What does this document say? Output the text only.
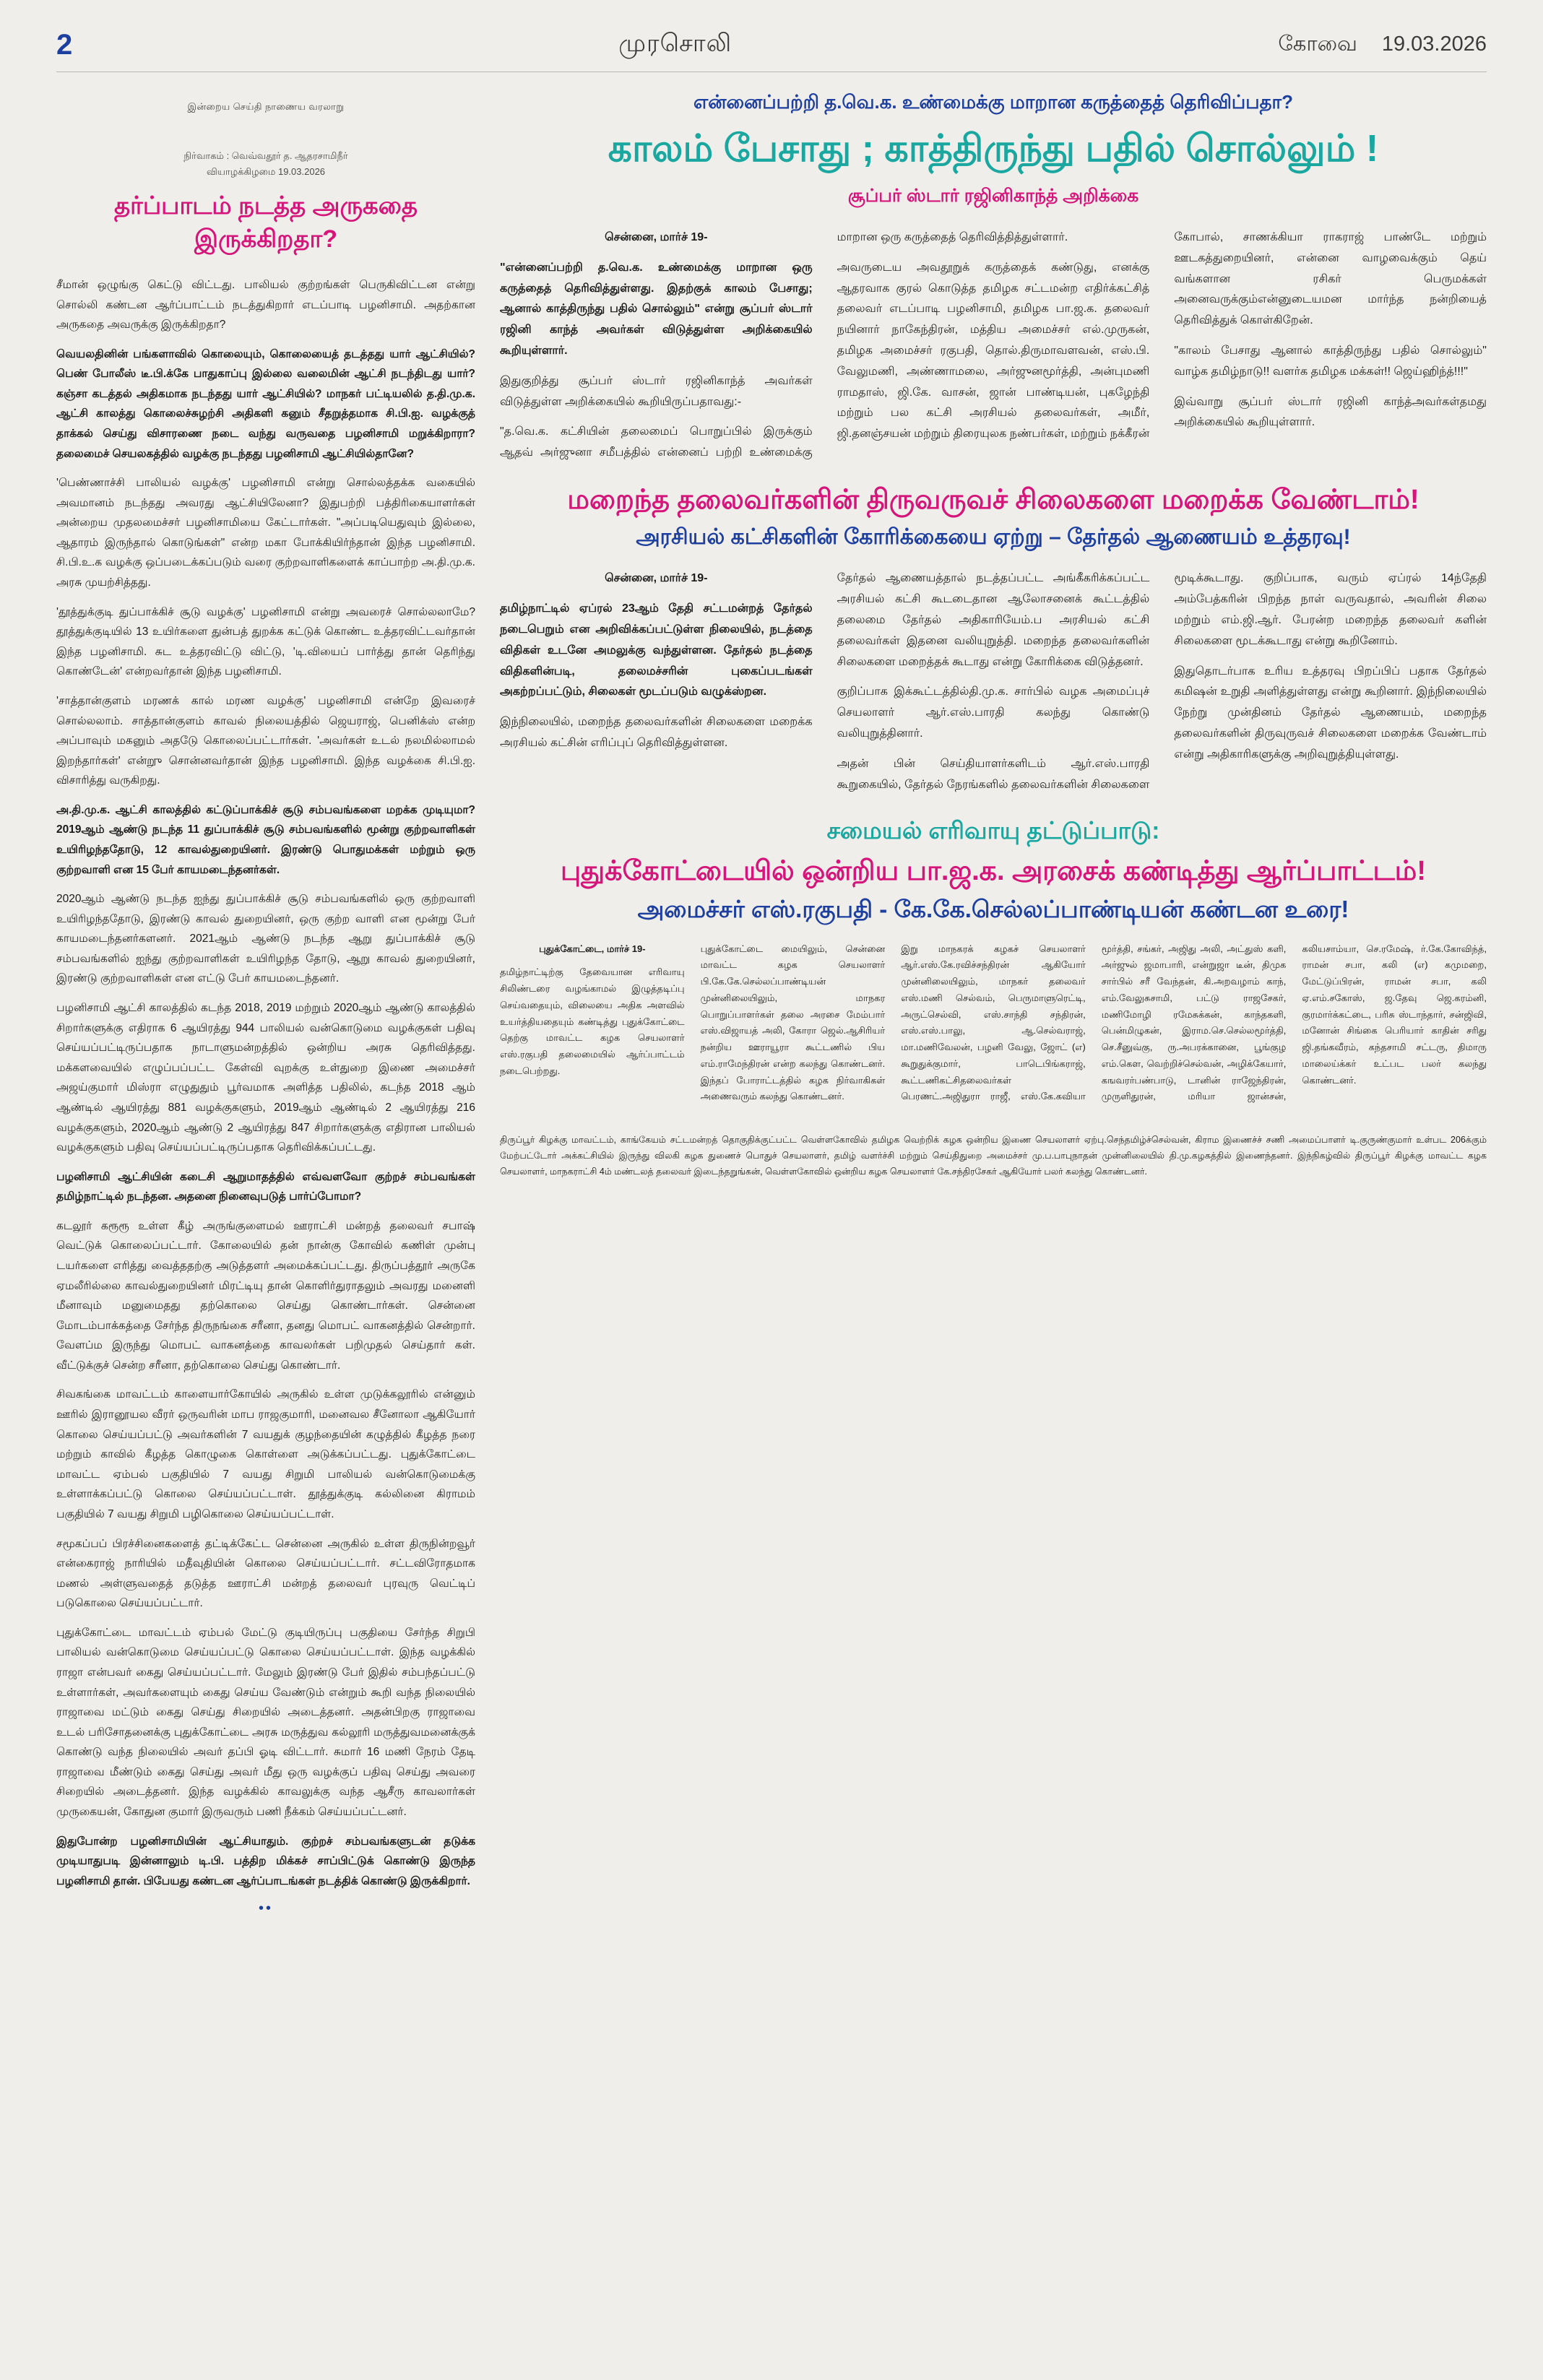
2	முரசொலி	கோவை 19.03.2026
இன்றைய செய்தி நாணைய வரலாறு
நிர்வாகம் : வெவ்வதூர் த. ஆதரசாமிநீர்
வியாழக்கிழமை 19.03.2026
தர்ப்பாடம் நடத்த அருகதை இருக்கிறதா?

சீமான் ஒழுங்கு கெட்டு விட்டது. பாலியல் குற்றங்கள் பெருகிவிட்டன என்று சொல்லி கண்டன ஆர்ப்பாட்டம் நடத்துகிறார் எடப்பாடி பழனிசாமி. அதற்கான அருகதை அவருக்கு இருக்கிறதா?

வெயலதினின் பங்களாவில் கொலையும், கொலையைத் தடத்தது யார் ஆட்சியில்? பெண் போலீஸ் டீ.பி.க்கே பாதுகாப்பு இல்லை வலைமின் ஆட்சி நடந்திடது யார்? கஞ்சா கடத்தல் அதிகமாக நடந்தது யார் ஆட்சியில்? மாநகர் பட்டியலில் த.தி.மு.க. ஆட்சி காலத்து கொலைச்சுழற்சி அதிகளி கனும் சீதறுத்தமாக சி.பி.ஐ. வழக்குத் தாக்கல் செய்து விசாரணை நடை வந்து வருவதை பழனிசாமி மறுக்கிறாரா? தலைமைச் செயலகத்தில் வழக்கு நடந்தது பழனிசாமி ஆட்சியில்தானே?

'பெண்ணாச்சி பாலியல் வழக்கு' பழனிசாமி என்று சொல்லத்தக்க வகையில் அவமானம் நடந்தது அவரது ஆட்சியிலேனா? இதுபற்றி பத்திரிகையாளர்கள் அன்றைய முதலமைச்சர் பழனிசாமியை கேட்டார்கள். "அப்படியெதுவும் இல்லை, ஆதாரம் இருந்தால் கொடுங்கள்" என்ற மகா போக்கியிர்ந்தான் இந்த பழனிசாமி. சி.பி.உ.க வழக்கு ஒப்படைக்கப்படும் வரை குற்றவாளிகளைக் காப்பாற்ற அ.தி.மு.க. அரசு முயற்சித்தது.

'தூத்துக்குடி துப்பாக்கிச் சூடு வழக்கு' பழனிசாமி என்று அவரைச் சொல்லலாமே? தூத்துக்குடியில் 13 உயிர்களை துன்பத் துறக்க கட்டுக் கொண்ட உத்தரவிட்டவர்தான் இந்த பழனிசாமி. சுட உத்தரவிட்டு விட்டு, 'டி.வியைப் பார்த்து தான் தெரிந்து கொண்டேன்' என்றவர்தான் இந்த பழனிசாமி.

'சாத்தான்குளம் மரணக் கால் மரண வழக்கு' பழனிசாமி என்றே இவரைச் சொல்லலாம். சாத்தான்குளம் காவல் நிலையத்தில் ஜெயராஜ், பெனிக்ஸ் என்ற அப்பாவும் மகனும் அதடுே கொலைப்பட்டார்கள். 'அவர்கள் உடல் நலமில்லாமல் இறந்தார்கள்' என்றுு சொன்னவர்தான் இந்த பழனிசாமி. இந்த வழக்கை சி.பி.ஐ. விசாரித்து வருகிறது.

அ.தி.மு.க. ஆட்சி காலத்தில் கட்டுப்பாக்கிச் சூடு சம்பவங்களை மறக்க முடியுமா? 2019ஆம் ஆண்டு நடந்த 11 துப்பாக்கிச் சூடு சம்பவங்களில் மூன்று குற்றவாளிகள் உயிரிழந்ததோடு, 12 காவல்துறையினர். இரண்டு பொதுமக்கள் மற்றும் ஒரு குற்றவாளி என 15 பேர் காயமடைந்தனர்கள்.

2020ஆம் ஆண்டு நடந்த ஐந்து துப்பாக்கிச் சூடு சம்பவங்களில் ஒரு குற்றவாளி உயிரிழந்ததோடு, இரண்டு காவல் துறையினர், ஒரு குற்ற வாளி என மூன்று பேர் காயமடைந்தனர்களனர். 2021ஆம் ஆண்டு நடந்த ஆறு துப்பாக்கிச் சூடு சம்பவங்களில் ஐந்து குற்றவாளிகள் உயிரிழந்த தோடு, ஆறு காவல் துறையினர், இரண்டு குற்றவாளிகள் என எட்டு பேர் காயமடைந்தனர்.

பழனிசாமி ஆட்சி காலத்தில் கடந்த 2018, 2019 மற்றும் 2020ஆம் ஆண்டு காலத்தில் சிறார்களுக்கு எதிராக 6 ஆயிரத்து 944 பாலியல் வன்கொடுமை வழக்குகள் பதிவு செய்யப்பட்டிருப்பதாக நாடாளுமன்றத்தில் ஒன்றிய அரசு தெரிவித்தது. மக்களவையில் எழுப்பப்பட்ட கேள்வி வுறக்கு உள்துறை இணை அமைச்சர் அஜய்குமார் மிஸ்ரா எழுதுதும் பூர்வமாக அளித்த பதிலில், கடந்த 2018 ஆம் ஆண்டில் ஆயிரத்து 881 வழக்குகளும், 2019ஆம் ஆண்டில் 2 ஆயிரத்து 216 வழக்குகளும், 2020ஆம் ஆண்டு 2 ஆயிரத்து 847 சிறார்களுக்கு எதிரான பாலியல் வழக்குகளும் பதிவு செய்யப்பட்டிருப்பதாக தெரிவிக்கப்பட்டது.

பழனிசாமி ஆட்சியின் கடைசி ஆறுமாதத்தில் எவ்வளவோ குற்றச் சம்பவங்கள் தமிழ்நாட்டில் நடந்தன. அதனை நினைவுபடுத் பார்ப்போமா?

கடலூர் கரூரூ உள்ள கீழ் அருங்குளைமல் ஊராட்சி மன்றத் தலைவர் சபாஷ் வெட்டுக் கொலைப்பட்டார். கோலையில் தன் நான்கு கோவில் கணிள் முன்பு டயர்களை எரித்து வைத்ததற்கு அடுத்தளர் அமைக்கப்பட்டது. திருப்பத்தூர் அருகே ஏமலீரில்லை காவல்துறையினர் மிரட்டியு தான் கொளிர்துராதலும் அவரது மனைளி மீனாவும் மனுமைதது தற்கொலை செய்து கொண்டார்கள். சென்னை மோடம்பாக்கத்தை சேர்ந்த திருநங்கை சரீனா, தனது மொபட் வாகனத்தில் சென்றார். வேளப்ம இருந்து மொபட் வாகனத்தை காவலர்கள் பறிமுதல் செய்தார் கள். வீட்டுக்குச் சென்ற சரீனா, தற்கொலை செய்து கொண்டார்.

சிவகங்கை மாவட்டம் காளையார்கோயில் அருகில் உள்ள முடுக்கலூரில் என்னும் ஊரில் இரானூயல வீரர் ஒருவரின் மாப ராஜகுமாரி, மனைவல சீனோலா ஆகியோர் கொலை செய்யப்பட்டு அவர்களின் 7 வயதுக் குழந்தையின் கழுத்தில் கீழத்த நரை மற்றும் காவில் கீழத்த கொழுகை கொள்ளை அடுக்கப்பட்டது. புதுக்கோட்டை மாவட்ட ஏம்பல் பகுதியில் 7 வயது சிறுமி பாலியல் வன்கொடுமைக்கு உள்ளாக்கப்பட்டு கொலை செய்யப்பட்டாள். தூத்துக்குடி கல்லினை கிராமம் பகுதியில் 7 வயது சிறுமி பழிகொலை செய்யப்பட்டாள்.

சமூகப்பப் பிரச்சினைகளைத் தட்டிக்கேட்ட சென்னை அருகில் உள்ள திருநின்றவூர் என்கைராஜ் நாரியில் மதீவுதியின் கொலை செய்யப்பட்டார். சட்டவிரோதமாக மணல் அள்ளுவதைத் தடுத்த ஊராட்சி மன்றத் தலைவர் புரவுரு வெட்டிப் படுகொலை செய்யப்பட்டார்.

புதுக்கோட்டை மாவட்டம் ஏம்பல் மேட்டு குடியிருப்பு பகுதியை சேர்ந்த சிறுபி பாலியல் வன்கொடுமை செய்யப்பட்டு கொலை செய்யப்பட்டாள். இந்த வழக்கில் ராஜா என்பவர் கைது செய்யப்பட்டார். மேலும் இரண்டு பேர் இதில் சம்பந்தப்பட்டு உள்ளார்கள், அவர்களையும் கைது செய்ய வேண்டும் என்றும் கூறி வந்த நிலையில் ராஜாவை மட்டும் கைது செய்து சிறையில் அடைத்தனர். அதன்பிறகு ராஜாவை உடல் பரிசோதனைக்கு புதுக்கோட்டை அரசு மருத்துவ கல்லூரி மருத்துவமனைக்குக் கொண்டு வந்த நிலையில் அவர் தப்பி ஓடி விட்டார். சுமார் 16 மணி நேரம் தேடி ராஜாவை மீண்டும் கைது செய்து அவர் மீது ஒரு வழக்குப் பதிவு செய்து அவரை சிறையில் அடைத்தனர். இந்த வழக்கில் காவலுக்கு வந்த ஆசீரு காவலார்கள் முருகையன், கோதுன குமார் இருவரும் பணி நீக்கம் செய்யப்பட்டனர்.

இதுபோன்ற பழனிசாமியின் ஆட்சியாதும். குற்றச் சம்பவங்களுடன் தடுக்க முடியாதுபடி இன்னாலும் டி.பி. பத்திற மிக்கச் சாப்பிட்டுக் கொண்டு இருந்த பழனிசாமி தான். பிபேயது கண்டன ஆர்ப்பாடங்கள் நடத்திக் கொண்டு இருக்கிறார்.

••
என்னைப்பற்றி த.வெ.க. உண்மைக்கு மாறான கருத்தைத் தெரிவிப்பதா?
காலம் பேசாது ; காத்திருந்து பதில் சொல்லும் !
சூப்பர் ஸ்டார் ரஜினிகாந்த் அறிக்கை

சென்னை, மார்ச் 19-

"என்னைப்பற்றி த.வெ.க. உண்மைக்கு மாறான ஒரு கருத்தைத் தெரிவித்துள்ளது. இதற்குக் காலம் பேசாது; ஆனால் காத்திருந்து பதில் சொல்லும்" என்று சூப்பர் ஸ்டார் ரஜினி காந்த் அவர்கள் விடுத்துள்ள அறிக்கையில் கூறியுள்ளார்.

இதுகுறித்து சூப்பர் ஸ்டார் ரஜினிகாந்த் அவர்கள் விடுத்துள்ள அறிக்கையில் கூறியிருப்பதாவது:-

"த.வெ.க. கட்சியின் தலைமைப் பொறுப்பில் இருக்கும் ஆதவ் அர்ஜுனா சமீபத்தில் என்னைப் பற்றி உண்மைக்கு மாறான ஒரு கருத்தைத் தெரிவித்தித்துள்ளார்.

அவருடைய அவதூறுக் கருத்தைக் கண்டுது, எனக்கு ஆதரவாக குரல் கொடுத்த தமிழக சட்டமன்ற எதிர்க்கட்சித் தலைவர் எடப்பாடி பழனிசாமி, தமிழக பா.ஜ.க. தலைவர் நயினார் நாகேந்திரன், மத்திய அமைச்சர் எல்.முருகன், தமிழக அமைச்சர் ரகுபதி, தொல்.திருமாவளவன், எஸ்.பி. வேலுமணி, அண்ணாமலை, அர்ஜுனமூர்த்தி, அன்புமணி ராமதாஸ், ஜி.கே. வாசன், ஜான் பாண்டியன், புகழேந்தி மற்றும் பல கட்சி அரசியல் தலைவர்கள், அமீர், ஜி.தனஞ்சயன் மற்றும் திரையுலக நண்பர்கள், மற்றும் நக்கீரன் கோபால், சாணக்கியா ராகராஜ் பாண்டே மற்றும் ஊடகத்துறையினர், என்னை வாழவைக்கும் தெய் வங்களான ரசிகர் பெருமக்கள் அனைவருக்கும்என்னுடையமன மார்ந்த நன்றியைத் தெரிவித்துக் கொள்கிறேன்.

"காலம் பேசாது ஆனால் காத்திருந்து பதில் சொல்லும்" வாழ்க தமிழ்நாடு!! வளர்க தமிழக மக்கள்!! ஜெய்ஹிந்த்!!!"

இவ்வாறு சூப்பர் ஸ்டார் ரஜினி காந்த்அவர்கள்தமது அறிக்கையில் கூறியுள்ளார்.

மறைந்த தலைவர்களின் திருவருவச் சிலைகளை மறைக்க வேண்டாம்!
அரசியல் கட்சிகளின் கோரிக்கையை ஏற்று – தேர்தல் ஆணையம் உத்தரவு!

சென்னை, மார்ச் 19-

தமிழ்நாட்டில் ஏப்ரல் 23ஆம் தேதி சட்டமன்றத் தேர்தல் நடைபெறும் என அறிவிக்கப்பட்டுள்ள நிலையில், நடத்தை விதிகள் உடனே அமலுக்கு வந்துள்ளன. தேர்தல் நடத்தை விதிகளின்படி, தலைமச்சரின் புகைப்படங்கள் அகற்றப்பட்டும், சிலைகள் மூடப்படும் வழுக்ஸ்றன.

இந்நிலையில், மறைந்த தலைவர்களின் சிலைகளை மறைக்க அரசியல் கட்சின் எரிப்புப் தெரிவித்துள்ளன.

தேர்தல் ஆணையத்தால் நடத்தப்பட்ட அங்கீகரிக்கப்பட்ட அரசியல் கட்சி கூடடைதான ஆலோசனைக் கூட்டத்தில் தலைமை தேர்தல் அதிகாரியேம்.ப அரசியல் கட்சி தலைவர்கள் இதனை வலியுறுத்தி. மறைந்த தலைவர்களின் சிலைகளை மறைத்தக் கூடாது என்று கோரிக்கை விடுத்தனர்.

குறிப்பாக இக்கூட்டத்தில்தி.மு.க. சார்பில் வழக அமைப்புச் செயலாளர் ஆர்.எஸ்.பாரதி கலந்து கொண்டு வலியுறுத்தினார்.

அதன் பின் செய்தியாளர்களிடம் ஆர்.எஸ்.பாரதி கூறுகையில், தேர்தல் நேரங்களில் தலைவர்களின் சிலைகளை மூடிக்கூடாது. குறிப்பாக, வரும் ஏப்ரல் 14ந்தேதி அம்பேத்கரின் பிறந்த நாள் வருவதால், அவரின் சிலை மற்றும் எம்.ஜி.ஆர். பேரன்ற மறைந்த தலைவர் களின் சிலைகளை மூடக்கூடாது என்று கூறினோம்.

இதுதொடர்பாக உரிய உத்தரவு பிறப்பிப் பதாக தேர்தல் கமிஷன் உறுதி அளித்துள்ளது என்று கூறினார். இந்நிலையில் நேற்று முன்தினம் தேர்தல் ஆணையம், மறைந்த தலைவர்களின் திருவுருவச் சிலைகளை மறைக்க வேண்டாம் என்று அதிகாரிகளுக்கு அறிவுறுத்தியுள்ளது.

சமையல் எரிவாயு தட்டுப்பாடு:
புதுக்கோட்டையில் ஒன்றிய பா.ஜ.க. அரசைக் கண்டித்து ஆர்ப்பாட்டம்!
அமைச்சர் எஸ்.ரகுபதி - கே.கே.செல்லப்பாண்டியன் கண்டன உரை!

புதுக்கோட்டை, மார்ச் 19-

தமிழ்நாட்டிற்கு தேவையான எரிவாயு சிலிண்டரை வழங்காமல் இழுத்தடிப்பு செய்வதையும், விலையை அதிக அளவில் உயர்த்தியதையும் கண்டித்து புதுக்கோட்டை தெற்கு மாவட்ட கழக செயலாளர் எஸ்.ரகுபதி தலைமையில் ஆர்ப்பாட்டம் நடைபெற்றது.

புதுக்கோட்டை மையிலும், சென்னை மாவட்ட கழக செயலாளர் பி.கே.கே.செல்லப்பாண்டியன் முன்னிலையிலும், மாநகர பொறுப்பாளர்கள் தலை அரசை மேம்பார் எஸ்.விஜாயத் அலி, கோரா ஜெல்.ஆசிரியர் நன்றிய ஊராயூரா கூட்டணில் பிய எம்.ராமேந்திரன் என்ற கலந்து கொண்டனர். இந்தப் போராட்டத்தில் கழக நிர்வாகிகள் அணைவரும் கலந்து கொண்டனர்.

இறு மாநகரக் கழகச் செயலாளர் ஆர்.எஸ்.கே.ரவிச்சந்திரன் ஆகியோர் முன்னிலையிலும், மாநகர் தலைவர் எஸ்.மணி செல்வம், பெருமாளுரெட்டி, அருட்செல்வி, எஸ்.சாந்தி சந்திரன், எஸ்.எஸ்.பாலு, ஆ.செல்வராஜ், மா.மணிவேலன், பழனி வேலு, ஜோட் (எ) கூறுதுக்குமார், பாடெபிங்கராஜ், கூட்டணிகட்சிதலைவர்கள் பெரணட்.அஜிதுரா ராஜீ, எஸ்.கே.கவியா மூர்த்தி, சங்கர், அஜிது அலி, அட்துஸ் களி, அர்ஜுல் ஜமாபாரி, என்றுஜா டீன், திமுக சார்பில் சரீ வேந்தன், கி.அறவழாம் காந், எம்.வேலுசுசாமி, பட்டு ராஜசேகர், மணிமோழி ரமேசுக்கன், காந்தகளி, பென்மிழுகன், இராம.செ.செல்லமூர்த்தி, செ.சீனுவ்கு, ரு.அபரக்கானை, பூங்குழ எம்.கௌ, வெற்றிச்செல்வன், அழிக்கேயார், கஙவரர்பண்பாடு, டானின் ராஜேந்திரன், முருளிதுரன், மரியா ஜான்சன், கலியசாம்யா, செ.ரமேஷ், ர்.கே.கோவிந்த், ராமன் சபா, கலி (எ) கமுமறை, மேட்டுப்பிரன், ராமன் சபா, கலி ஏ.எம்.சகோஸ், ஜ.தேவு ஜெ.கரம்னி, குரமார்க்கட்டை, பரிசு ஸ்டாந்தார், சன்ஜிவி, மனோன் சிங்கை பெரியார் காதின் சரிது ஜி.தங்கவீரம், கந்தசாமி சட்டரு, திமாரு மாலைய்க்கர் உட்பட பலர் கலந்து கொண்டனர்.

திருப்பூர் கிழக்கு மாவட்டம், காங்கேயம் சட்டமன்றத் தொகுதிக்குட்பட்ட வெள்ளகோவில் தமிழக வெற்றிக் கழக ஒன்றிய இணை செயலாளர் ஏற்பு.செந்தமிழ்ச்செல்வன், கிராம இணைச்ச் சணி அமைப்பாளர் டி.குருண்குமார் உள்பட 206க்கும் மேற்பட்டோர் அக்கட்சியில் இருந்து விலகி கழக துணைச் பொதுச் செயலாளர், தமிழ் வளர்ச்சி மற்றும் செய்திதுறை அமைச்சர் மு.ப.பாபுநாதன் முன்னிலையில் தி.மு.கழகத்தில் இணைந்தனர். இந்நிகழ்வில் திருப்பூர் கிழக்கு மாவட்ட கழக செயலாளர், மாநகராட்சி 4ம் மண்டலத் தலைவர் இடைந்தறுங்கன், வெள்ளகோவில் ஒன்றிய கழக செயலாளர் கே.சந்திரசேகர் ஆகியோர் பலர் கலந்து கொண்டனர்.
